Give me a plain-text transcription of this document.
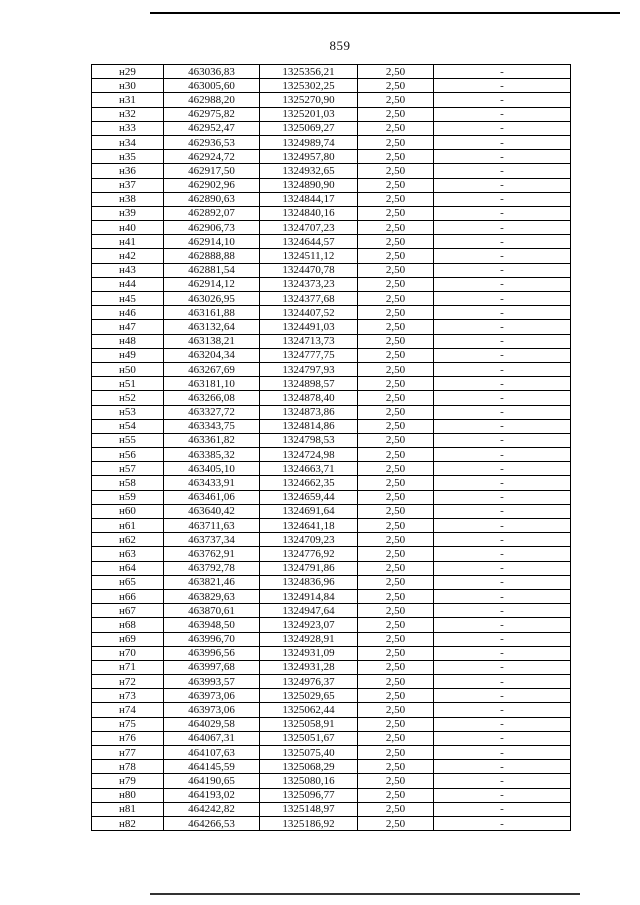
859
н29	463036,83	1325356,21	2,50	-
н30	463005,60	1325302,25	2,50	-
н31	462988,20	1325270,90	2,50	-
н32	462975,82	1325201,03	2,50	-
н33	462952,47	1325069,27	2,50	-
н34	462936,53	1324989,74	2,50	-
н35	462924,72	1324957,80	2,50	-
н36	462917,50	1324932,65	2,50	-
н37	462902,96	1324890,90	2,50	-
н38	462890,63	1324844,17	2,50	-
н39	462892,07	1324840,16	2,50	-
н40	462906,73	1324707,23	2,50	-
н41	462914,10	1324644,57	2,50	-
н42	462888,88	1324511,12	2,50	-
н43	462881,54	1324470,78	2,50	-
н44	462914,12	1324373,23	2,50	-
н45	463026,95	1324377,68	2,50	-
н46	463161,88	1324407,52	2,50	-
н47	463132,64	1324491,03	2,50	-
н48	463138,21	1324713,73	2,50	-
н49	463204,34	1324777,75	2,50	-
н50	463267,69	1324797,93	2,50	-
н51	463181,10	1324898,57	2,50	-
н52	463266,08	1324878,40	2,50	-
н53	463327,72	1324873,86	2,50	-
н54	463343,75	1324814,86	2,50	-
н55	463361,82	1324798,53	2,50	-
н56	463385,32	1324724,98	2,50	-
н57	463405,10	1324663,71	2,50	-
н58	463433,91	1324662,35	2,50	-
н59	463461,06	1324659,44	2,50	-
н60	463640,42	1324691,64	2,50	-
н61	463711,63	1324641,18	2,50	-
н62	463737,34	1324709,23	2,50	-
н63	463762,91	1324776,92	2,50	-
н64	463792,78	1324791,86	2,50	-
н65	463821,46	1324836,96	2,50	-
н66	463829,63	1324914,84	2,50	-
н67	463870,61	1324947,64	2,50	-
н68	463948,50	1324923,07	2,50	-
н69	463996,70	1324928,91	2,50	-
н70	463996,56	1324931,09	2,50	-
н71	463997,68	1324931,28	2,50	-
н72	463993,57	1324976,37	2,50	-
н73	463973,06	1325029,65	2,50	-
н74	463973,06	1325062,44	2,50	-
н75	464029,58	1325058,91	2,50	-
н76	464067,31	1325051,67	2,50	-
н77	464107,63	1325075,40	2,50	-
н78	464145,59	1325068,29	2,50	-
н79	464190,65	1325080,16	2,50	-
н80	464193,02	1325096,77	2,50	-
н81	464242,82	1325148,97	2,50	-
н82	464266,53	1325186,92	2,50	-
